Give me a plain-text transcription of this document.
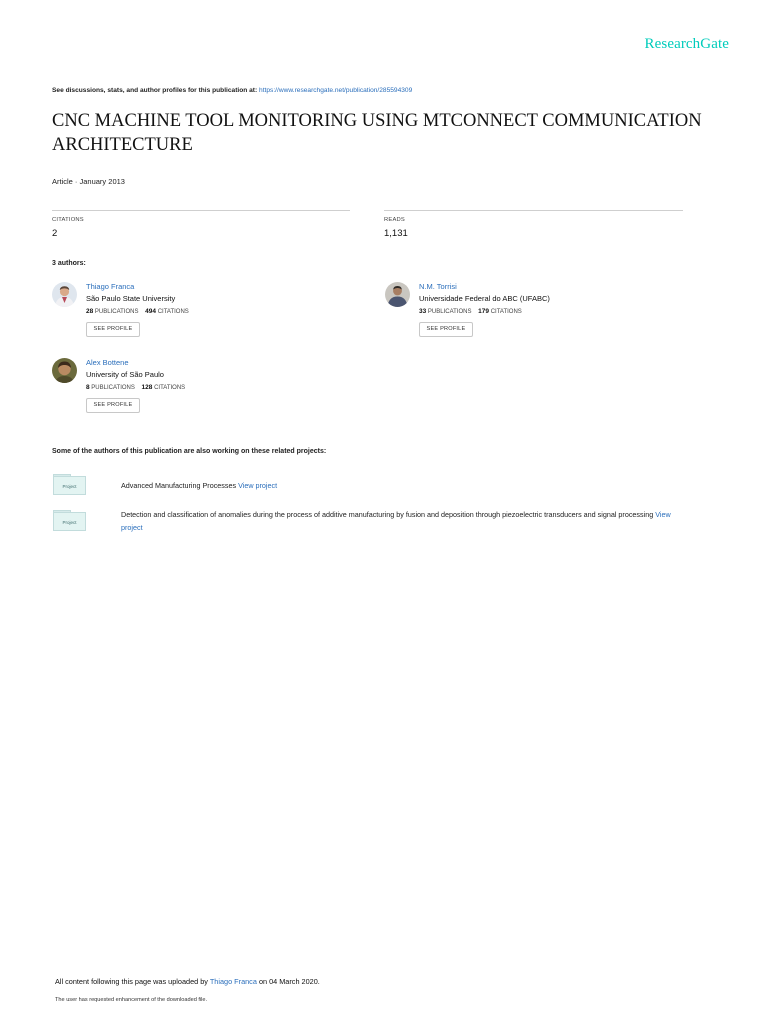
ResearchGate
See discussions, stats, and author profiles for this publication at: https://www.researchgate.net/publication/285594309
CNC MACHINE TOOL MONITORING USING MTCONNECT COMMUNICATION ARCHITECTURE
Article · January 2013
CITATIONS
2
READS
1,131
3 authors:
Thiago Franca
São Paulo State University
28 PUBLICATIONS 494 CITATIONS
SEE PROFILE
N.M. Torrisi
Universidade Federal do ABC (UFABC)
33 PUBLICATIONS 179 CITATIONS
SEE PROFILE
Alex Bottene
University of São Paulo
8 PUBLICATIONS 128 CITATIONS
SEE PROFILE
Some of the authors of this publication are also working on these related projects:
Project	Advanced Manufacturing Processes View project
Project
Detection and classification of anomalies during the process of additive manufacturing by fusion and deposition through piezoelectric transducers and signal processing View project
All content following this page was uploaded by Thiago Franca on 04 March 2020.
The user has requested enhancement of the downloaded file.
